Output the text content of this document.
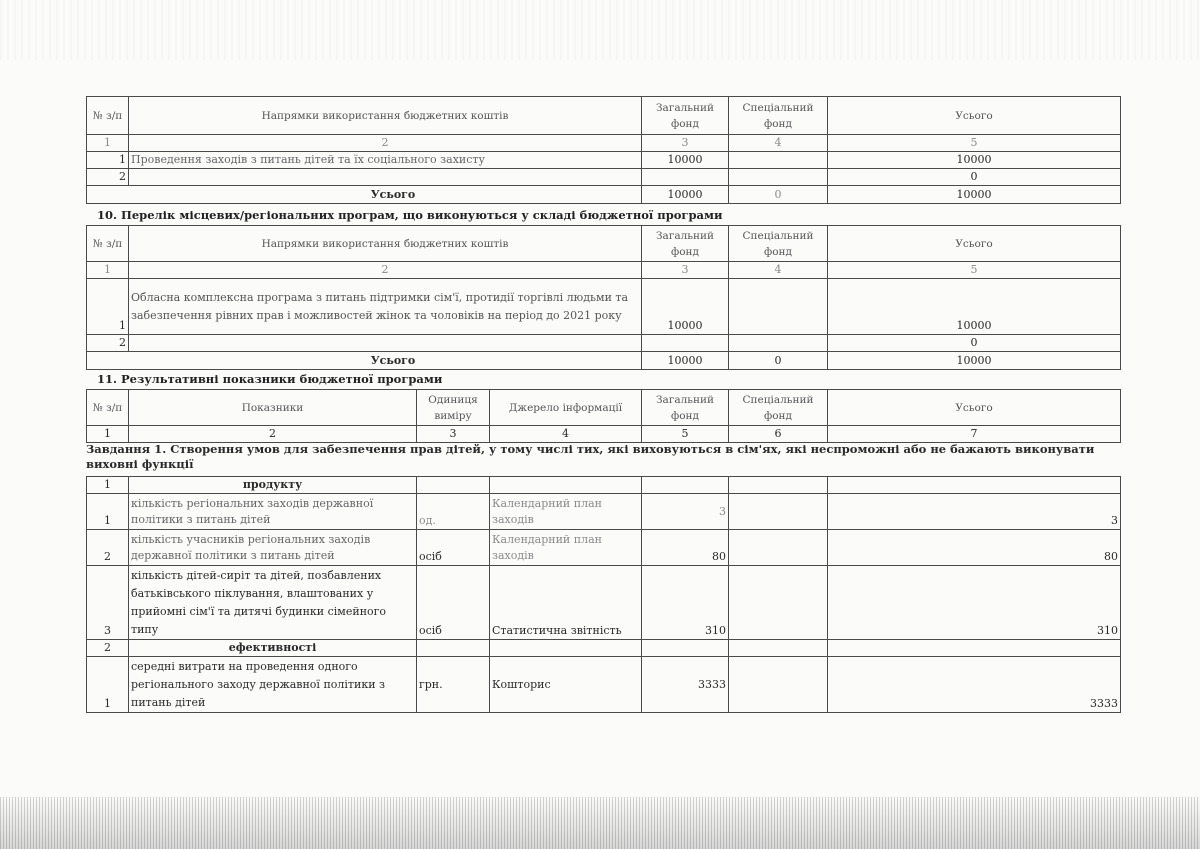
№ з/п	Напрямки використання бюджетних коштів	Загальний фонд	Спеціальний фонд	Усього
1	2	3	4	5
1	Проведення заходів з питань дітей та їх соціального захисту	10000		10000
2				0
Усього		10000	0	10000
10. Перелік місцевих/регіональних програм, що виконуються у складі бюджетної програми
№ з/п	Напрямки використання бюджетних коштів	Загальний фонд	Спеціальний фонд	Усього
1	2	3	4	5
1	Обласна комплексна програма з питань підтримки сім'ї, протидії торгівлі людьми та забезпечення рівних прав і можливостей жінок та чоловіків на період до 2021 року	10000		10000
2				0
Усього		10000	0	10000
11. Результативні показники бюджетної програми
№ з/п	Показники	Одиниця виміру	Джерело інформації	Загальний фонд	Спеціальний фонд	Усього
1	2	3	4	5	6	7
Завдання 1. Створення умов для забезпечення прав дітей, у тому числі тих, які виховуються в сім'ях, які неспроможні або не бажають виконувати виховні функції
1	продукту					
1	кількість регіональних заходів державної політики з питань дітей	од.	Календарний план заходів	3		3
2	кількість учасників регіональних заходів державної політики з питань дітей	осіб	Календарний план заходів	80		80
3	кількість дітей-сиріт та дітей, позбавлених батьківського піклування, влаштованих у прийомні сім'ї та дитячі будинки сімейного типу	осіб	Статистична звітність	310		310
2	ефективності					
1	середні витрати на проведення одного регіонального заходу державної політики з питань дітей	грн.	Кошторис	3333		3333
